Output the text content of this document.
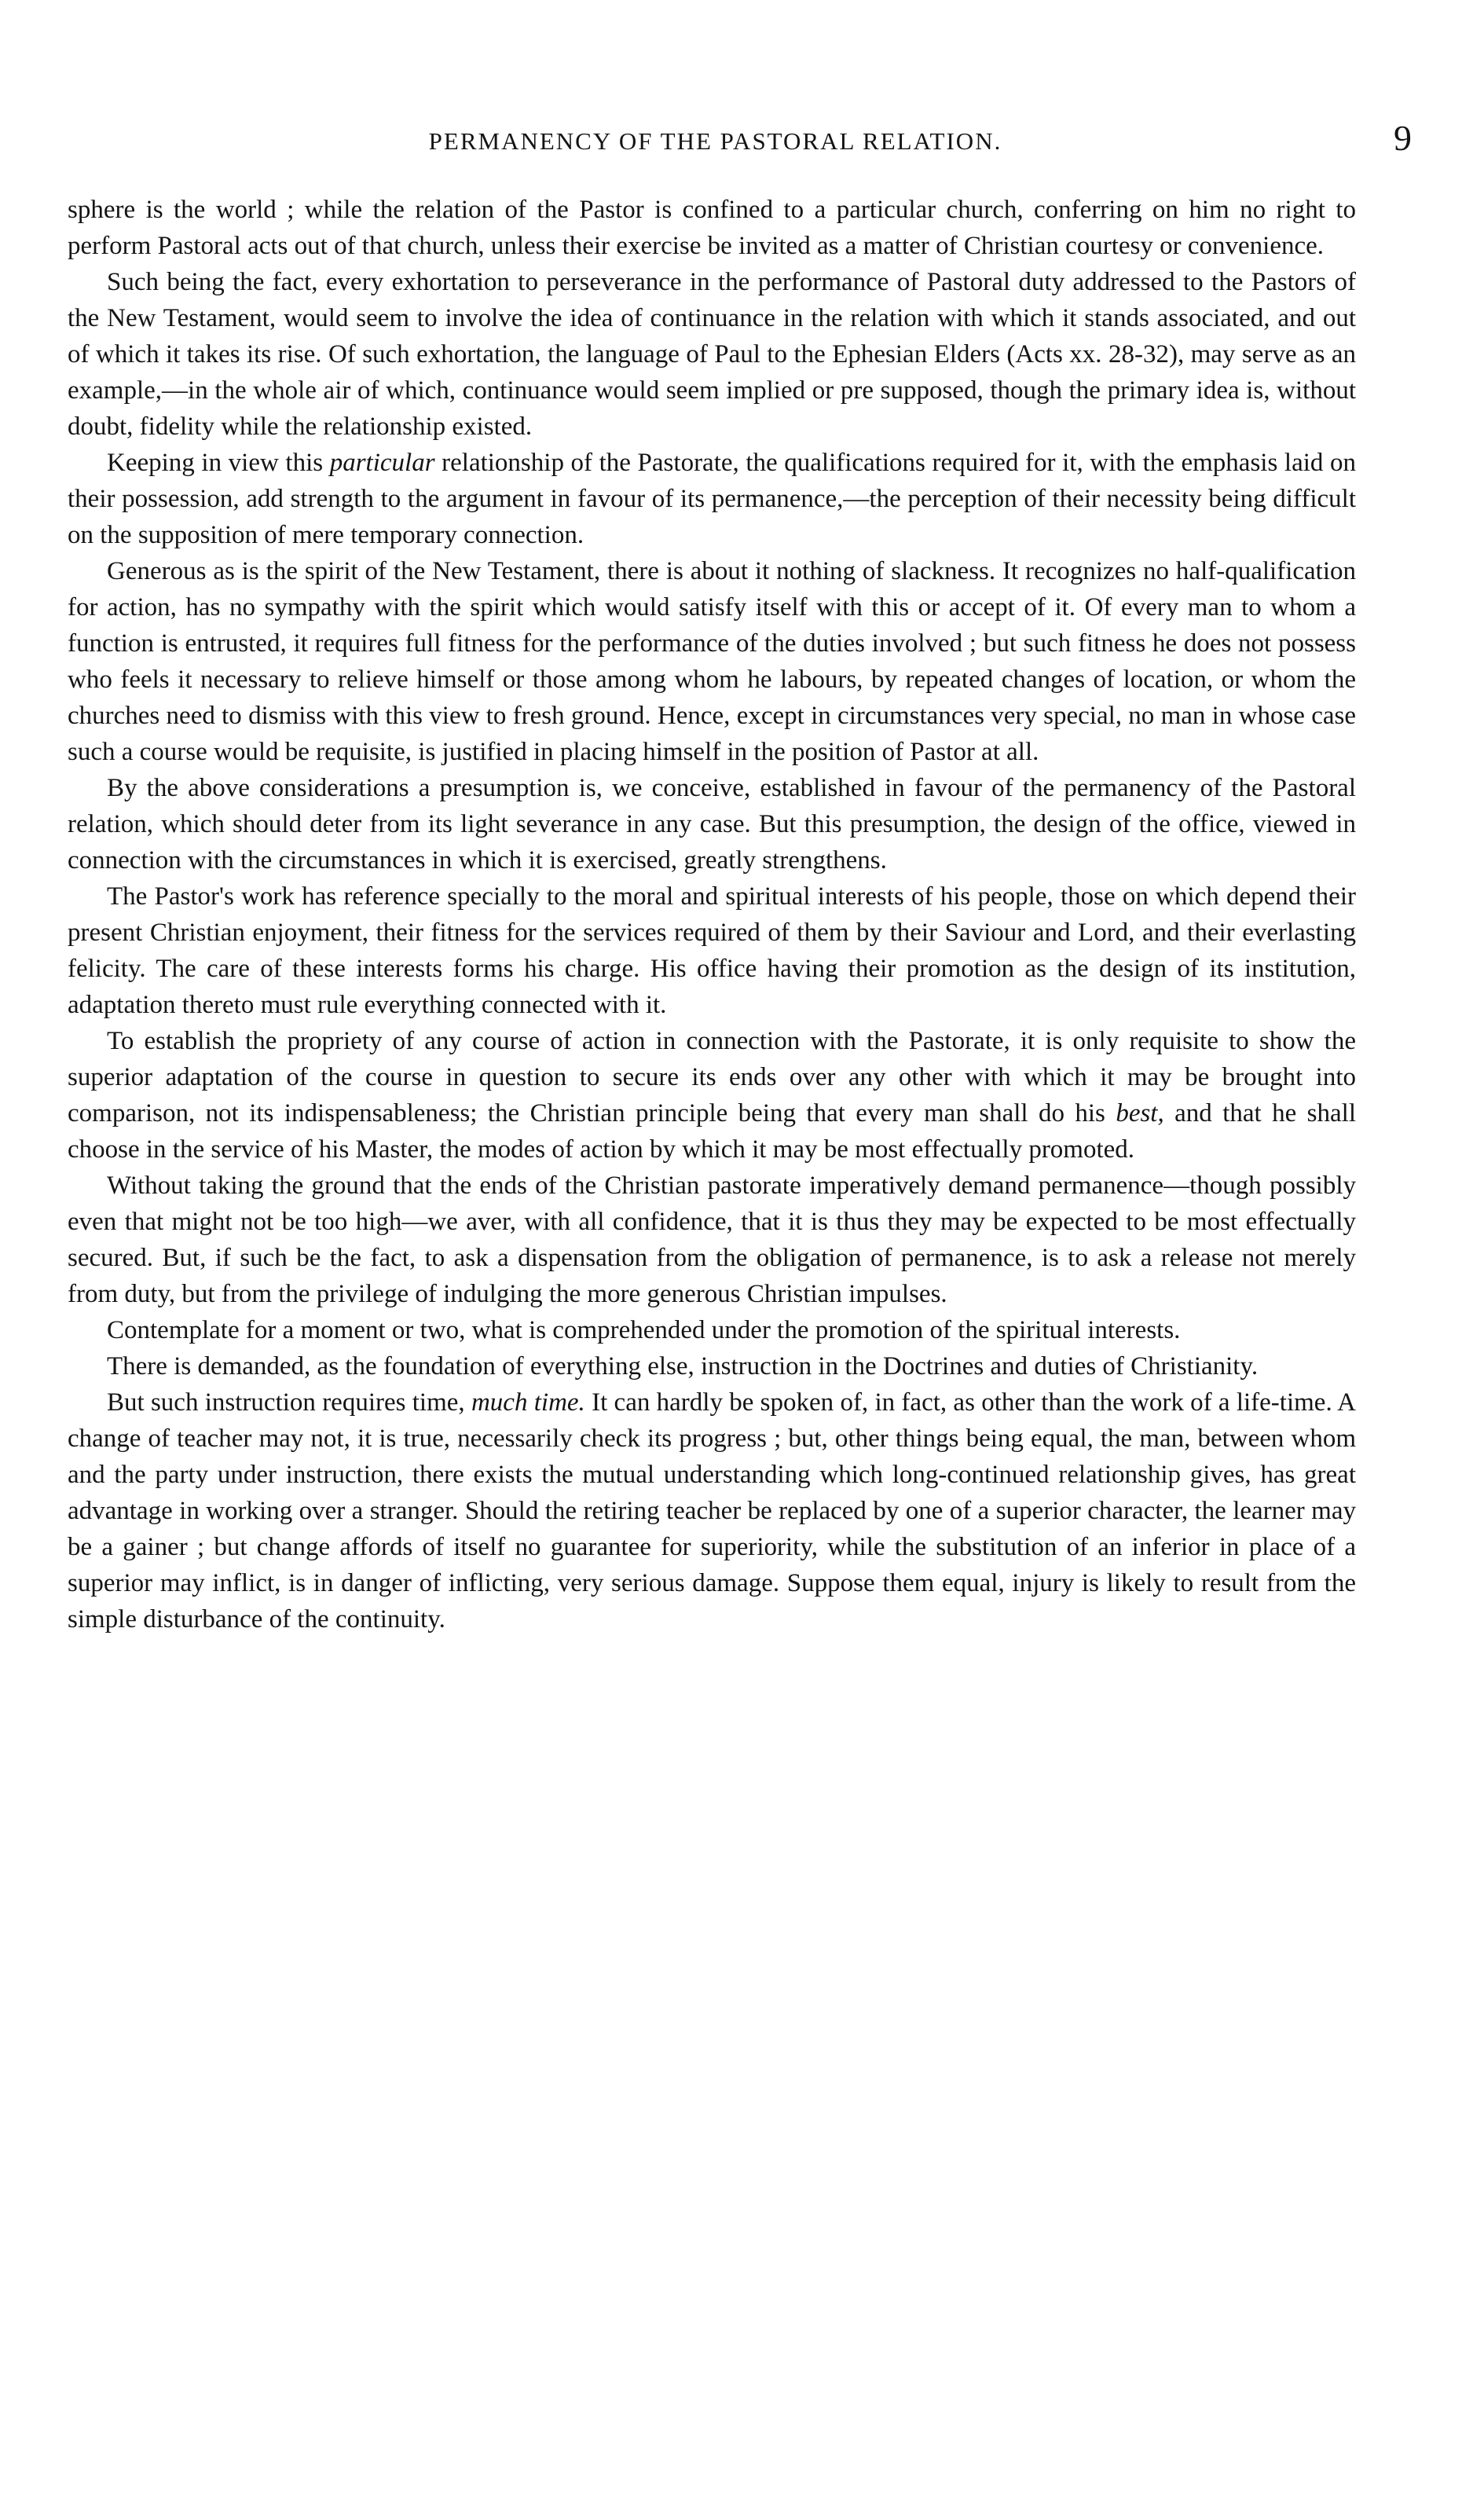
PERMANENCY OF THE PASTORAL RELATION.	9

sphere is the world ; while the relation of the Pastor is confined to a particular church, conferring on him no right to perform Pastoral acts out of that church, unless their exercise be invited as a matter of Christian courtesy or convenience.

Such being the fact, every exhortation to perseverance in the performance of Pastoral duty addressed to the Pastors of the New Testament, would seem to involve the idea of continuance in the relation with which it stands associated, and out of which it takes its rise. Of such exhortation, the language of Paul to the Ephesian Elders (Acts xx. 28-32), may serve as an example,—in the whole air of which, continuance would seem implied or pre supposed, though the primary idea is, without doubt, fidelity while the relationship existed.

Keeping in view this particular relationship of the Pastorate, the qualifications required for it, with the emphasis laid on their possession, add strength to the argument in favour of its permanence,—the perception of their necessity being difficult on the supposition of mere temporary connection.

Generous as is the spirit of the New Testament, there is about it nothing of slackness. It recognizes no half-qualification for action, has no sympathy with the spirit which would satisfy itself with this or accept of it. Of every man to whom a function is entrusted, it requires full fitness for the performance of the duties involved ; but such fitness he does not possess who feels it necessary to relieve himself or those among whom he labours, by repeated changes of location, or whom the churches need to dismiss with this view to fresh ground. Hence, except in circumstances very special, no man in whose case such a course would be requisite, is justified in placing himself in the position of Pastor at all.

By the above considerations a presumption is, we conceive, established in favour of the permanency of the Pastoral relation, which should deter from its light severance in any case. But this presumption, the design of the office, viewed in connection with the circumstances in which it is exercised, greatly strengthens.

The Pastor's work has reference specially to the moral and spiritual interests of his people, those on which depend their present Christian enjoyment, their fitness for the services required of them by their Saviour and Lord, and their everlasting felicity. The care of these interests forms his charge. His office having their promotion as the design of its institution, adaptation thereto must rule everything connected with it.

To establish the propriety of any course of action in connection with the Pastorate, it is only requisite to show the superior adaptation of the course in question to secure its ends over any other with which it may be brought into comparison, not its indispensableness; the Christian principle being that every man shall do his best, and that he shall choose in the service of his Master, the modes of action by which it may be most effectually promoted.

Without taking the ground that the ends of the Christian pastorate imperatively demand permanence—though possibly even that might not be too high—we aver, with all confidence, that it is thus they may be expected to be most effectually secured. But, if such be the fact, to ask a dispensation from the obligation of permanence, is to ask a release not merely from duty, but from the privilege of indulging the more generous Christian impulses.

Contemplate for a moment or two, what is comprehended under the promotion of the spiritual interests.

There is demanded, as the foundation of everything else, instruction in the Doctrines and duties of Christianity.

But such instruction requires time, much time. It can hardly be spoken of, in fact, as other than the work of a life-time. A change of teacher may not, it is true, necessarily check its progress ; but, other things being equal, the man, between whom and the party under instruction, there exists the mutual understanding which long-continued relationship gives, has great advantage in working over a stranger. Should the retiring teacher be replaced by one of a superior character, the learner may be a gainer ; but change affords of itself no guarantee for superiority, while the substitution of an inferior in place of a superior may inflict, is in danger of inflicting, very serious damage. Suppose them equal, injury is likely to result from the simple disturbance of the continuity.
